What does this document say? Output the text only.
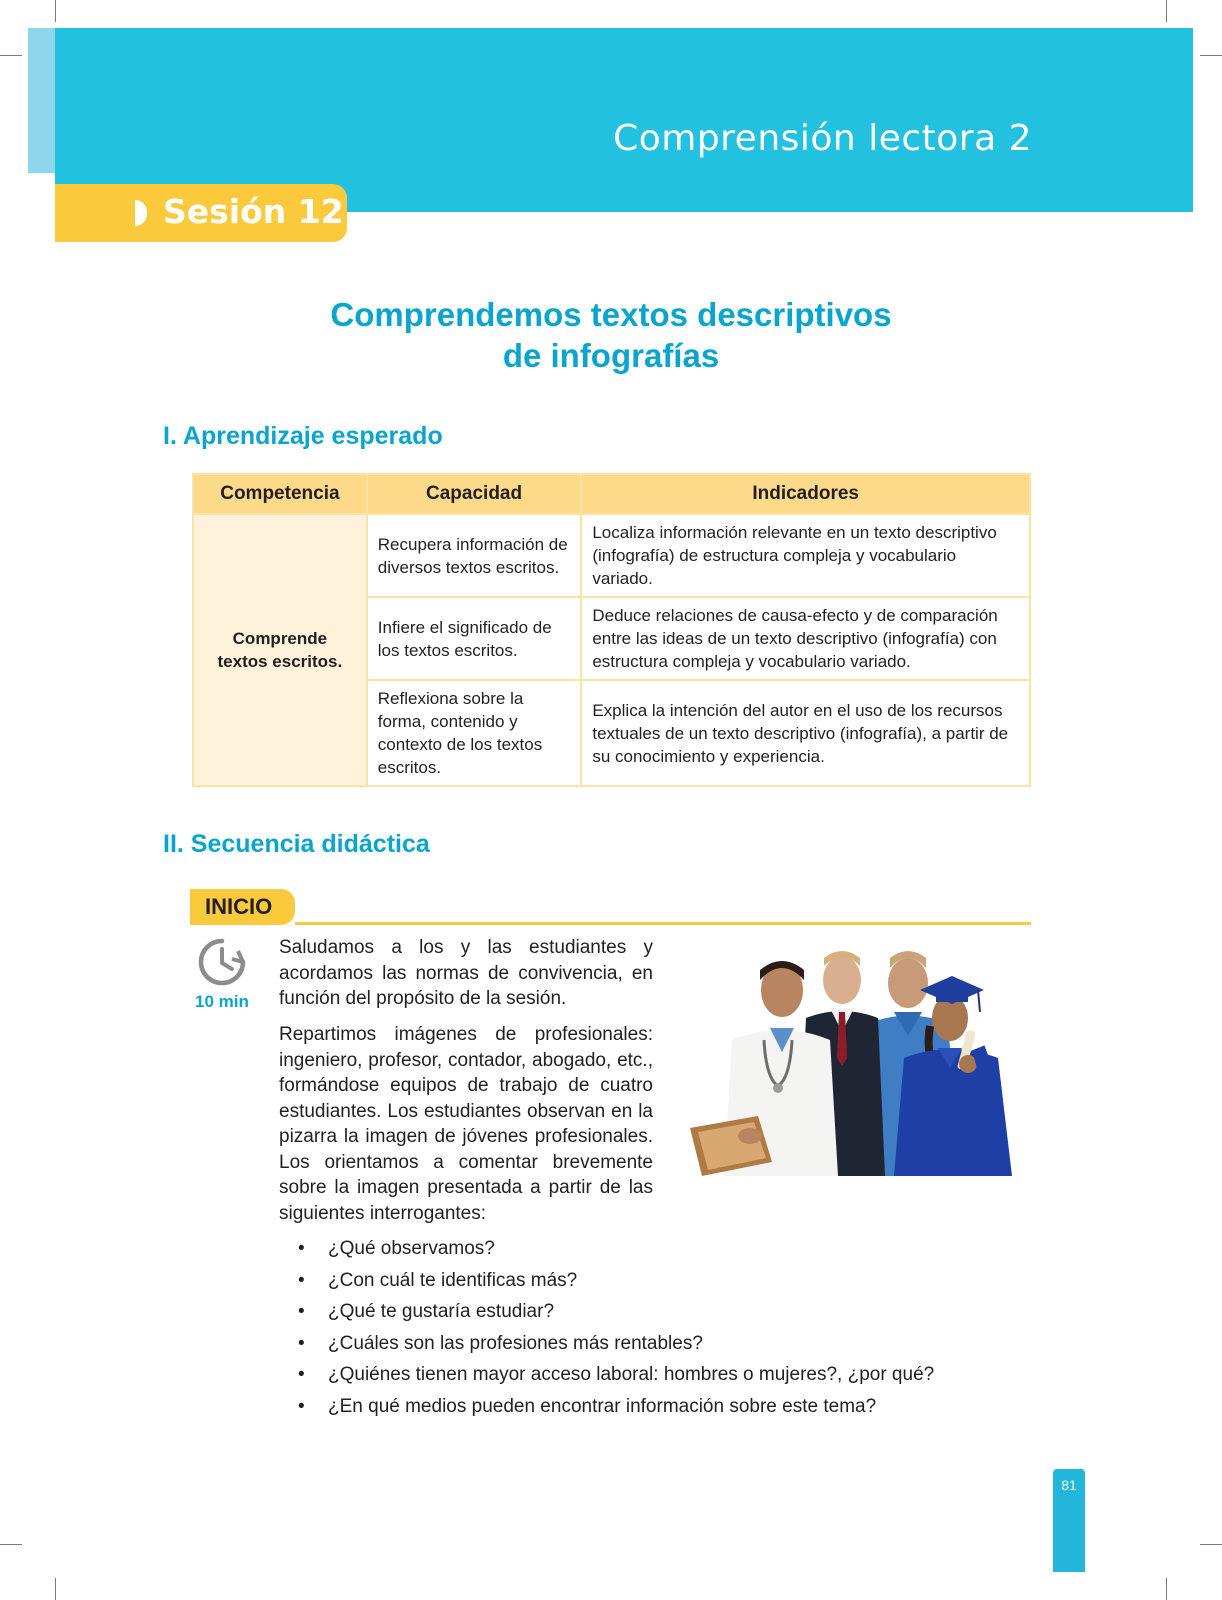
Comprensión lectora 2
Sesión 12
Comprendemos textos descriptivos
de infografías
I. Aprendizaje esperado
Competencia	Capacidad	Indicadores

Comprende
textos escritos.	Recupera información de diversos textos escritos.	Localiza información relevante en un texto descriptivo (infografía) de estructura compleja y vocabulario variado.
	Infiere el significado de los textos escritos.	Deduce relaciones de causa-efecto y de comparación entre las ideas de un texto descriptivo (infografía) con estructura compleja y vocabulario variado.
	Reflexiona sobre la forma, contenido y contexto de los textos escritos.	Explica la intención del autor en el uso de los recursos textuales de un texto descriptivo (infografía), a partir de su conocimiento y experiencia.
II. Secuencia didáctica
INICIO
10 min
Saludamos a los y las estudiantes y acordamos las normas de convivencia, en función del propósito de la sesión.
Repartimos imágenes de profesionales: ingeniero, profesor, contador, abogado, etc., formándose equipos de trabajo de cuatro estudiantes. Los estudiantes observan en la pizarra la imagen de jóvenes profesionales. Los orientamos a comentar brevemente sobre la imagen presentada a partir de las siguientes interrogantes:
• ¿Qué observamos?
• ¿Con cuál te identificas más?
• ¿Qué te gustaría estudiar?
• ¿Cuáles son las profesiones más rentables?
• ¿Quiénes tienen mayor acceso laboral: hombres o mujeres?, ¿por qué?
• ¿En qué medios pueden encontrar información sobre este tema?
81
